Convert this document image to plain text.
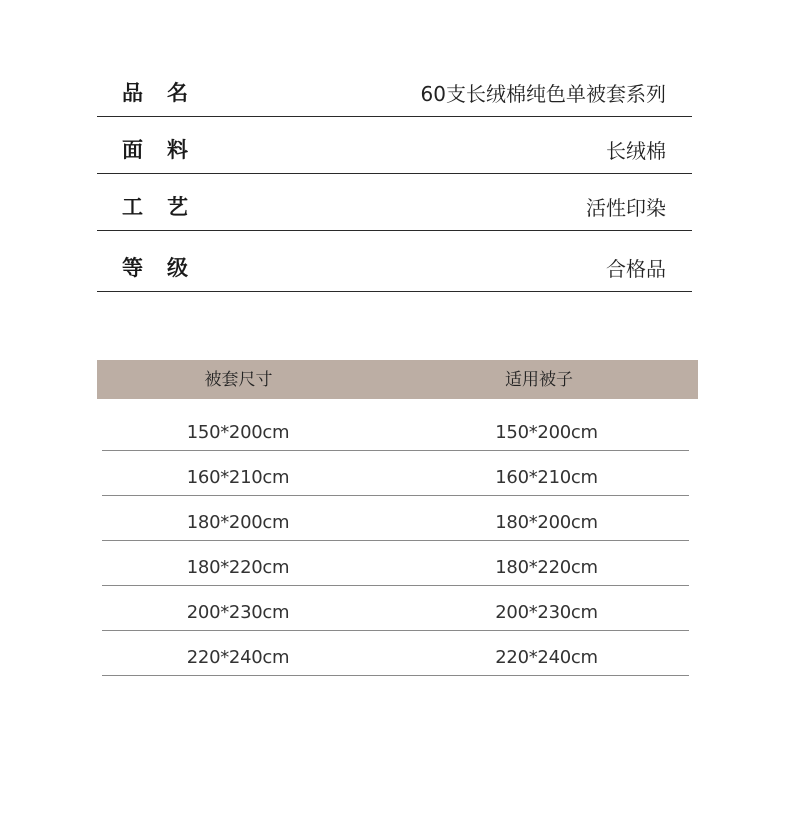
品名	60支长绒棉纯色单被套系列
面料	长绒棉
工艺	活性印染
等级	合格品
被套尺寸	适用被子
150*200cm	150*200cm
160*210cm	160*210cm
180*200cm	180*200cm
180*220cm	180*220cm
200*230cm	200*230cm
220*240cm	220*240cm
